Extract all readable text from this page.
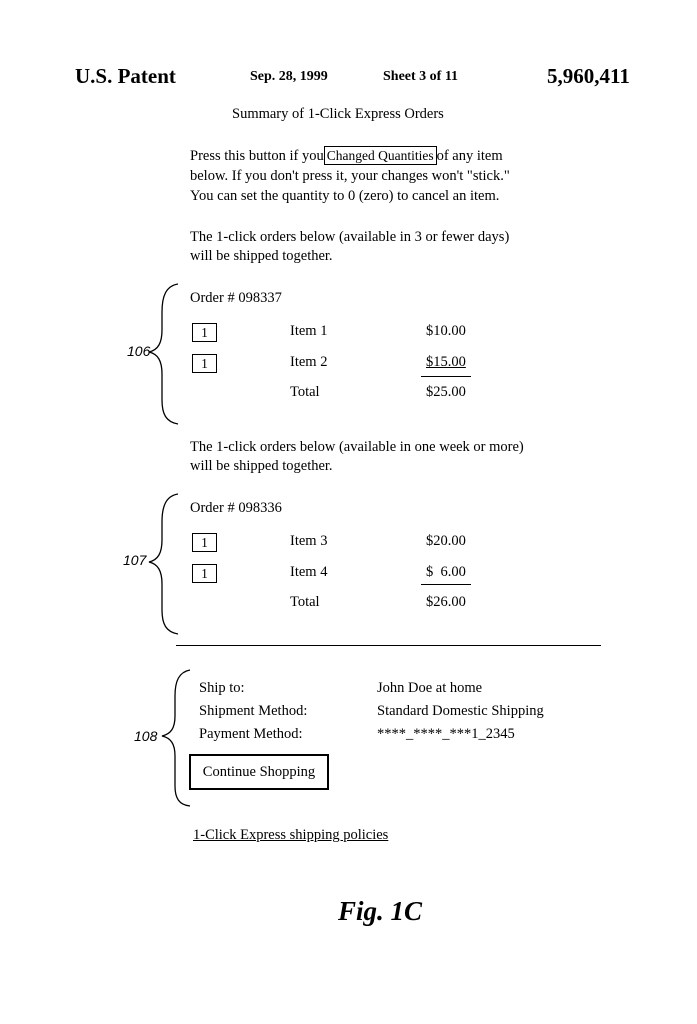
U.S. Patent	Sep. 28, 1999	Sheet 3 of 11	5,960,411
Summary of 1-Click Express Orders
Press this button if you Changed Quantities of any item
below. If you don't press it, your changes won't "stick."
You can set the quantity to 0 (zero) to cancel an item.
The 1-click orders below (available in 3 or fewer days)
will be shipped together.
Order # 098337
1	Item 1	$10.00
1	Item 2	$15.00
Total	$25.00
106
The 1-click orders below (available in one week or more)
will be shipped together.
Order # 098336
1	Item 3	$20.00
1	Item 4	$  6.00
Total	$26.00
107
Ship to:	John Doe at home
Shipment Method:	Standard Domestic Shipping
Payment Method:	****_****_***1_2345
Continue Shopping
108
1-Click Express shipping policies
Fig. 1C
